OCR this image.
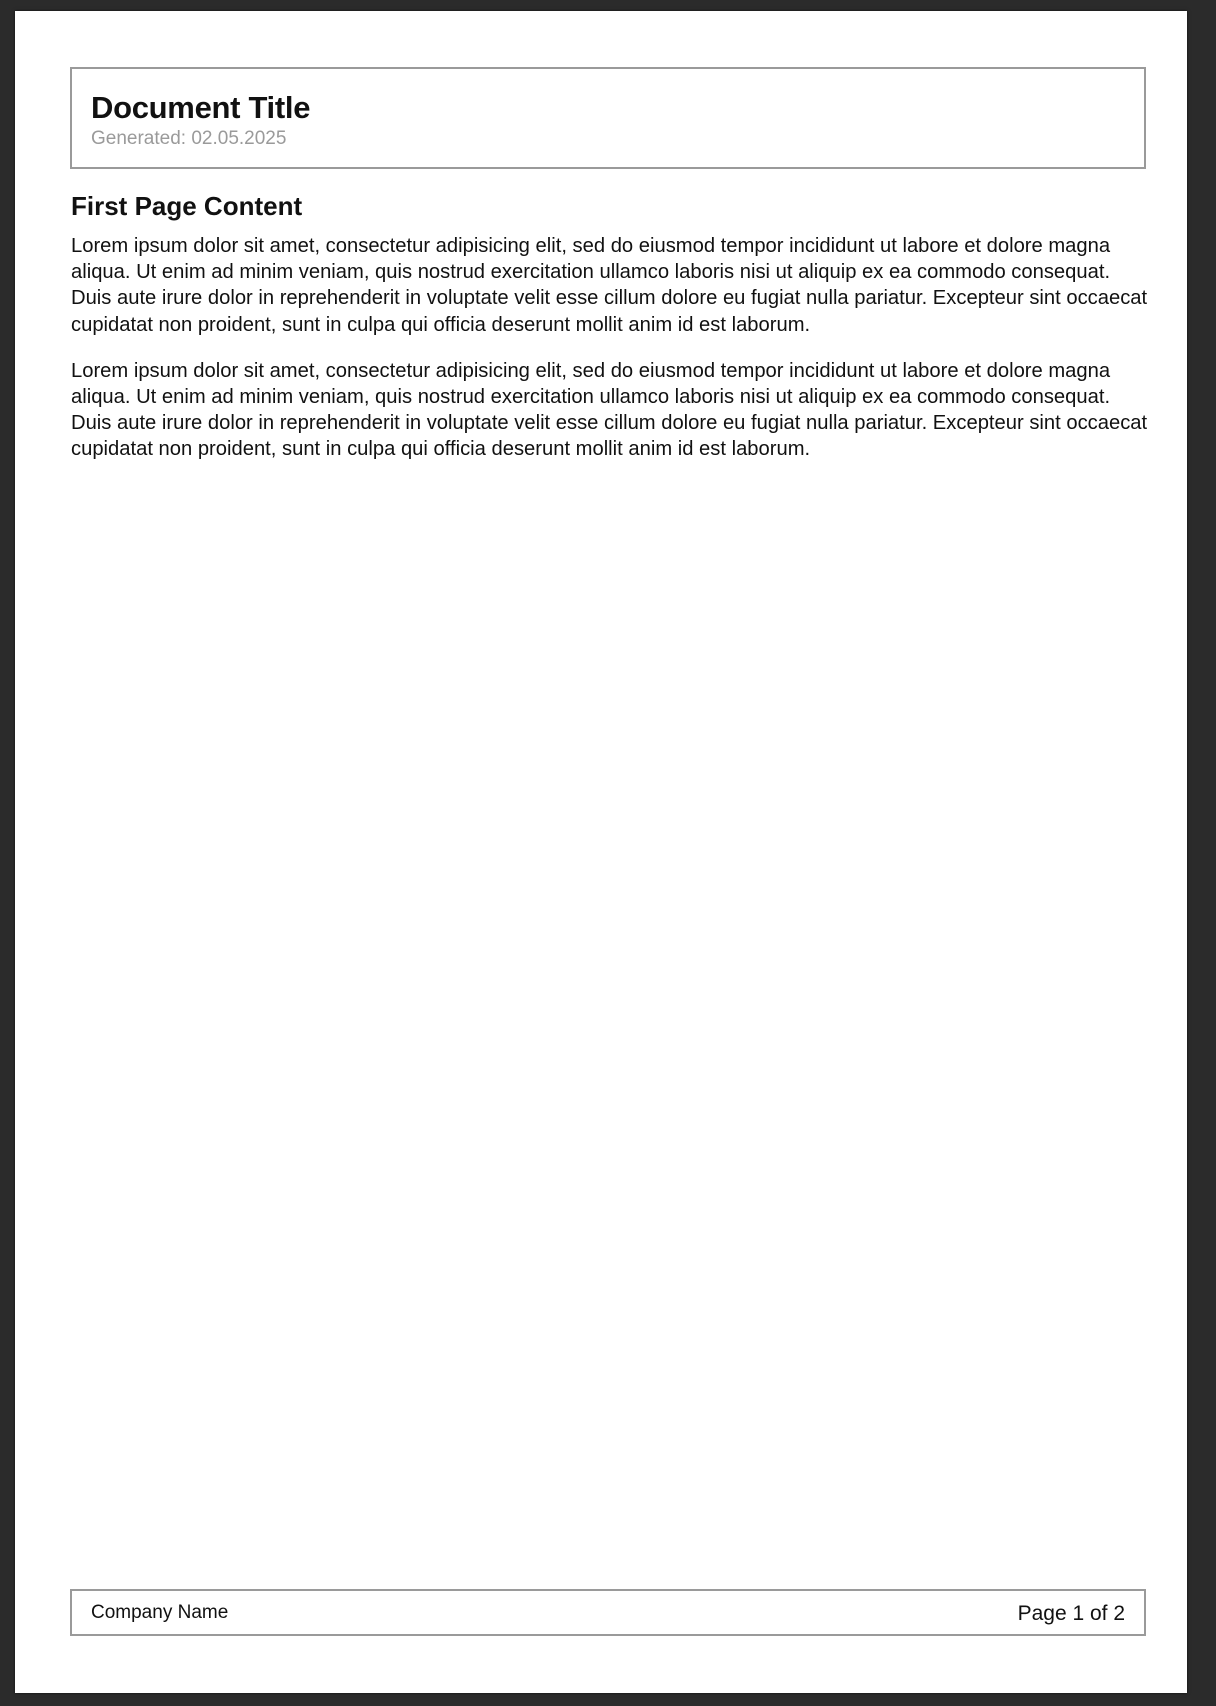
Document Title
Generated: 02.05.2025
First Page Content

Lorem ipsum dolor sit amet, consectetur adipisicing elit, sed do eiusmod tempor incididunt ut labore et dolore magna aliqua. Ut enim ad minim veniam, quis nostrud exercitation ullamco laboris nisi ut aliquip ex ea commodo consequat. Duis aute irure dolor in reprehenderit in voluptate velit esse cillum dolore eu fugiat nulla pariatur. Excepteur sint occaecat cupidatat non proident, sunt in culpa qui officia deserunt mollit anim id est laborum.

Lorem ipsum dolor sit amet, consectetur adipisicing elit, sed do eiusmod tempor incididunt ut labore et dolore magna aliqua. Ut enim ad minim veniam, quis nostrud exercitation ullamco laboris nisi ut aliquip ex ea commodo consequat. Duis aute irure dolor in reprehenderit in voluptate velit esse cillum dolore eu fugiat nulla pariatur. Excepteur sint occaecat cupidatat non proident, sunt in culpa qui officia deserunt mollit anim id est laborum.

Company Name	Page 1 of 2
